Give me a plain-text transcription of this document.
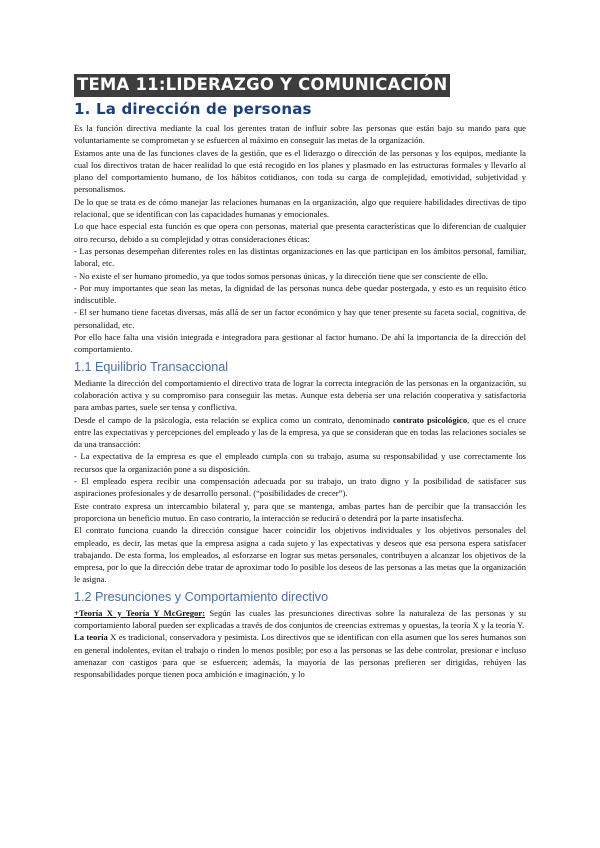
TEMA 11:LIDERAZGO Y COMUNICACIÓN
1. La dirección de personas

Es la función directiva mediante la cual los gerentes tratan de influir sobre las personas que están bajo su mando para que voluntariamente se comprometan y se esfuercen al máximo en conseguir las metas de la organización.

Estamos ante una de las funciones claves de la gestión, que es el liderazgo o dirección de las personas y los equipos, mediante la cual los directivos tratan de hacer realidad lo que está recogido en los planes y plasmado en las estructuras formales y llevarlo al plano del comportamiento humano, de los hábitos cotidianos, con toda su carga de complejidad, emotividad, subjetividad y personalismos.

De lo que se trata es de cómo manejar las relaciones humanas en la organización, algo que requiere habilidades directivas de tipo relacional, que se identifican con las capacidades humanas y emocionales.

Lo que hace especial esta función es que opera con personas, material que presenta características que lo diferencian de cualquier otro recurso, debido a su complejidad y otras consideraciones éticas:

- Las personas desempeñan diferentes roles en las distintas organizaciones en las que participan en los ámbitos personal, familiar, laboral, etc.

- No existe el ser humano promedio, ya que todos somos personas únicas, y la dirección tiene que ser consciente de ello.

- Por muy importantes que sean las metas, la dignidad de las personas nunca debe quedar postergada, y esto es un requisito ético indiscutible.

- El ser humano tiene facetas diversas, más allá de ser un factor económico y hay que tener presente su faceta social, cognitiva, de personalidad, etc.

Por ello hace falta una visión integrada e integradora para gestionar al factor humano. De ahí la importancia de la dirección del comportamiento.

1.1 Equilibrio Transaccional

Mediante la dirección del comportamiento el directivo trata de lograr la correcta integración de las personas en la organización, su colaboración activa y su compromiso para conseguir las metas. Aunque esta debería ser una relación cooperativa y satisfactoria para ambas partes, suele ser tensa y conflictiva.

Desde el campo de la psicología, esta relación se explica como un contrato, denominado contrato psicológico, que es el cruce entre las expectativas y percepciones del empleado y las de la empresa, ya que se consideran que en todas las relaciones sociales se da una transacción:

- La expectativa de la empresa es que el empleado cumpla con su trabajo, asuma su responsabilidad y use correctamente los recursos que la organización pone a su disposición.

- El empleado espera recibir una compensación adecuada por su trabajo, un trato digno y la posibilidad de satisfacer sus aspiraciones profesionales y de desarrollo personal. (“posibilidades de crecer”).

Este contrato expresa un intercambio bilateral y, para que se mantenga, ambas partes han de percibir que la transacción les proporciona un beneficio mutuo. En caso contrario, la interacción se reducirá o detendrá por la parte insatisfecha.

El contrato funciona cuando la dirección consigue hacer coincidir los objetivos individuales y los objetivos personales del empleado, es decir, las metas que la empresa asigna a cada sujeto y las expectativas y deseos que esa persona espera satisfacer trabajando. De esta forma, los empleados, al esforzarse en lograr sus metas personales, contribuyen a alcanzar los objetivos de la empresa, por lo que la dirección debe tratar de aproximar todo lo posible los deseos de las personas a las metas que la organización le asigna.

1.2 Presunciones y Comportamiento directivo

+Teoría X y Teoría Y McGregor: Según las cuales las presunciones directivas sobre la naturaleza de las personas y su comportamiento laboral pueden ser explicadas a través de dos conjuntos de creencias extremas y opuestas, la teoría X y la teoría Y.

La teoría X es tradicional, conservadora y pesimista. Los directivos que se identifican con ella asumen que los seres humanos son en general indolentes, evitan el trabajo o rinden lo menos posible; por eso a las personas se las debe controlar, presionar e incluso amenazar con castigos para que se esfuercen; además, la mayoría de las personas prefieren ser dirigidas, rehúyen las responsabilidades porque tienen poca ambición e imaginación, y lo
